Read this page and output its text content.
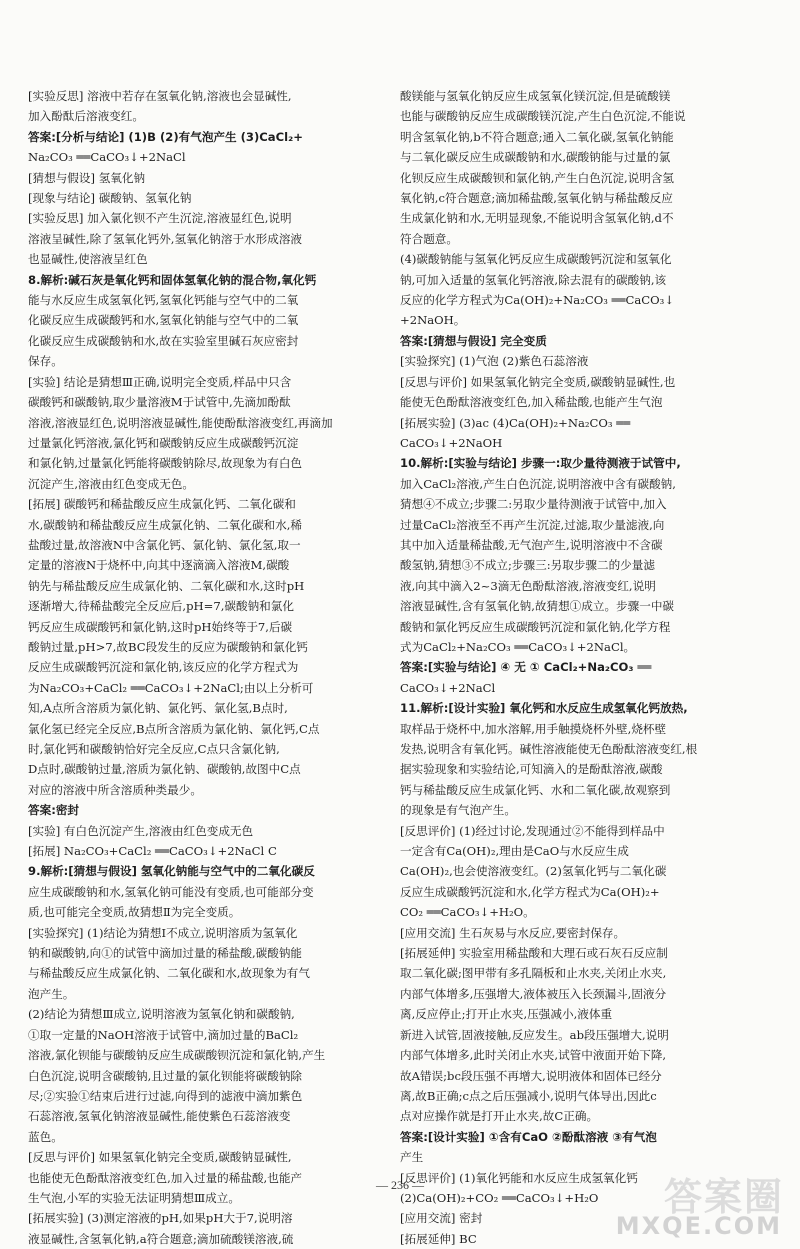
[实验反思] 溶液中若存在氢氧化钠,溶液也会显碱性,
加入酚酞后溶液变红。
答案:[分析与结论] (1)B (2)有气泡产生 (3)CaCl₂+
Na₂CO₃ ══CaCO₃↓+2NaCl
[猜想与假设] 氢氧化钠
[现象与结论] 碳酸钠、氢氧化钠
[实验反思] 加入氯化钡不产生沉淀,溶液显红色,说明
溶液呈碱性,除了氢氧化钙外,氢氧化钠溶于水形成溶液
也显碱性,使溶液呈红色
8.解析:碱石灰是氧化钙和固体氢氧化钠的混合物,氧化钙
能与水反应生成氢氧化钙,氢氧化钙能与空气中的二氧
化碳反应生成碳酸钙和水,氢氧化钠能与空气中的二氧
化碳反应生成碳酸钠和水,故在实验室里碱石灰应密封
保存。
[实验] 结论是猜想Ⅲ正确,说明完全变质,样品中只含
碳酸钙和碳酸钠,取少量溶液M于试管中,先滴加酚酞
溶液,溶液显红色,说明溶液显碱性,能使酚酞溶液变红,再滴加
过量氯化钙溶液,氯化钙和碳酸钠反应生成碳酸钙沉淀
和氯化钠,过量氯化钙能将碳酸钠除尽,故现象为有白色
沉淀产生,溶液由红色变成无色。
[拓展] 碳酸钙和稀盐酸反应生成氯化钙、二氧化碳和
水,碳酸钠和稀盐酸反应生成氯化钠、二氧化碳和水,稀
盐酸过量,故溶液N中含氯化钙、氯化钠、氯化氢,取一
定量的溶液N于烧杯中,向其中逐滴滴入溶液M,碳酸
钠先与稀盐酸反应生成氯化钠、二氧化碳和水,这时pH
逐渐增大,待稀盐酸完全反应后,pH=7,碳酸钠和氯化
钙反应生成碳酸钙和氯化钠,这时pH始终等于7,后碳
酸钠过量,pH>7,故BC段发生的反应为碳酸钠和氯化钙
反应生成碳酸钙沉淀和氯化钠,该反应的化学方程式为
为Na₂CO₃+CaCl₂ ══CaCO₃↓+2NaCl;由以上分析可
知,A点所含溶质为氯化钠、氯化钙、氯化氢,B点时,
氯化氢已经完全反应,B点所含溶质为氯化钠、氯化钙,C点
时,氯化钙和碳酸钠恰好完全反应,C点只含氯化钠,
D点时,碳酸钠过量,溶质为氯化钠、碳酸钠,故图中C点
对应的溶液中所含溶质种类最少。
答案:密封
[实验] 有白色沉淀产生,溶液由红色变成无色
[拓展] Na₂CO₃+CaCl₂ ══CaCO₃↓+2NaCl C
9.解析:[猜想与假设] 氢氧化钠能与空气中的二氧化碳反
应生成碳酸钠和水,氢氧化钠可能没有变质,也可能部分变
质,也可能完全变质,故猜想Ⅱ为完全变质。
[实验探究] (1)结论为猜想Ⅰ不成立,说明溶质为氢氧化
钠和碳酸钠,向①的试管中滴加过量的稀盐酸,碳酸钠能
与稀盐酸反应生成氯化钠、二氧化碳和水,故现象为有气
泡产生。
(2)结论为猜想Ⅲ成立,说明溶液为氢氧化钠和碳酸钠,
①取一定量的NaOH溶液于试管中,滴加过量的BaCl₂
溶液,氯化钡能与碳酸钠反应生成碳酸钡沉淀和氯化钠,产生
白色沉淀,说明含碳酸钠,且过量的氯化钡能将碳酸钠除
尽;②实验①结束后进行过滤,向得到的滤液中滴加紫色
石蕊溶液,氢氧化钠溶液显碱性,能使紫色石蕊溶液变
蓝色。
[反思与评价] 如果氢氧化钠完全变质,碳酸钠显碱性,
也能使无色酚酞溶液变红色,加入过量的稀盐酸,也能产
生气泡,小军的实验无法证明猜想Ⅲ成立。
[拓展实验] (3)测定溶液的pH,如果pH大于7,说明溶
液显碱性,含氢氧化钠,a符合题意;滴加硫酸镁溶液,硫
酸镁能与氢氧化钠反应生成氢氧化镁沉淀,但是硫酸镁
也能与碳酸钠反应生成碳酸镁沉淀,产生白色沉淀,不能说
明含氢氧化钠,b不符合题意;通入二氧化碳,氢氧化钠能
与二氧化碳反应生成碳酸钠和水,碳酸钠能与过量的氯
化钡反应生成碳酸钡和氯化钠,产生白色沉淀,说明含氢
氧化钠,c符合题意;滴加稀盐酸,氢氧化钠与稀盐酸反应
生成氯化钠和水,无明显现象,不能说明含氢氧化钠,d不
符合题意。
(4)碳酸钠能与氢氧化钙反应生成碳酸钙沉淀和氢氧化
钠,可加入适量的氢氧化钙溶液,除去混有的碳酸钠,该
反应的化学方程式为Ca(OH)₂+Na₂CO₃ ══CaCO₃↓
+2NaOH。
答案:[猜想与假设] 完全变质
[实验探究] (1)气泡 (2)紫色石蕊溶液
[反思与评价] 如果氢氧化钠完全变质,碳酸钠显碱性,也
能使无色酚酞溶液变红色,加入稀盐酸,也能产生气泡
[拓展实验] (3)ac (4)Ca(OH)₂+Na₂CO₃ ══
CaCO₃↓+2NaOH
10.解析:[实验与结论] 步骤一:取少量待测液于试管中,
加入CaCl₂溶液,产生白色沉淀,说明溶液中含有碳酸钠,
猜想④不成立;步骤二:另取少量待测液于试管中,加入
过量CaCl₂溶液至不再产生沉淀,过滤,取少量滤液,向
其中加入适量稀盐酸,无气泡产生,说明溶液中不含碳
酸氢钠,猜想③不成立;步骤三:另取步骤二的少量滤
液,向其中滴入2~3滴无色酚酞溶液,溶液变红,说明
溶液显碱性,含有氢氧化钠,故猜想①成立。步骤一中碳
酸钠和氯化钙反应生成碳酸钙沉淀和氯化钠,化学方程
式为CaCl₂+Na₂CO₃ ══CaCO₃↓+2NaCl。
答案:[实验与结论] ④ 无 ① CaCl₂+Na₂CO₃ ══
CaCO₃↓+2NaCl
11.解析:[设计实验] 氧化钙和水反应生成氢氧化钙放热,
取样品于烧杯中,加水溶解,用手触摸烧杯外壁,烧杯壁
发热,说明含有氧化钙。碱性溶液能使无色酚酞溶液变红,根
据实验现象和实验结论,可知滴入的是酚酞溶液,碳酸
钙与稀盐酸反应生成氯化钙、水和二氧化碳,故观察到
的现象是有气泡产生。
[反思评价] (1)经过讨论,发现通过②不能得到样品中
一定含有Ca(OH)₂,理由是CaO与水反应生成
Ca(OH)₂,也会使溶液变红。(2)氢氧化钙与二氧化碳
反应生成碳酸钙沉淀和水,化学方程式为Ca(OH)₂+
CO₂ ══CaCO₃↓+H₂O。
[应用交流] 生石灰易与水反应,要密封保存。
[拓展延伸] 实验室用稀盐酸和大理石或石灰石反应制
取二氧化碳;图甲带有多孔隔板和止水夹,关闭止水夹,
内部气体增多,压强增大,液体被压入长颈漏斗,固液分
离,反应停止;打开止水夹,压强减小,液体重
新进入试管,固液接触,反应发生。ab段压强增大,说明
内部气体增多,此时关闭止水夹,试管中液面开始下降,
故A错误;bc段压强不再增大,说明液体和固体已经分
离,故B正确;c点之后压强减小,说明气体导出,因此c
点对应操作就是打开止水夹,故C正确。
答案:[设计实验] ①含有CaO ②酚酞溶液 ③有气泡
产生
[反思评价] (1)氧化钙能和水反应生成氢氧化钙
(2)Ca(OH)₂+CO₂ ══CaCO₃↓+H₂O
[应用交流] 密封
[拓展延伸] BC
— 236 —	答案圈
MXQE.COM
